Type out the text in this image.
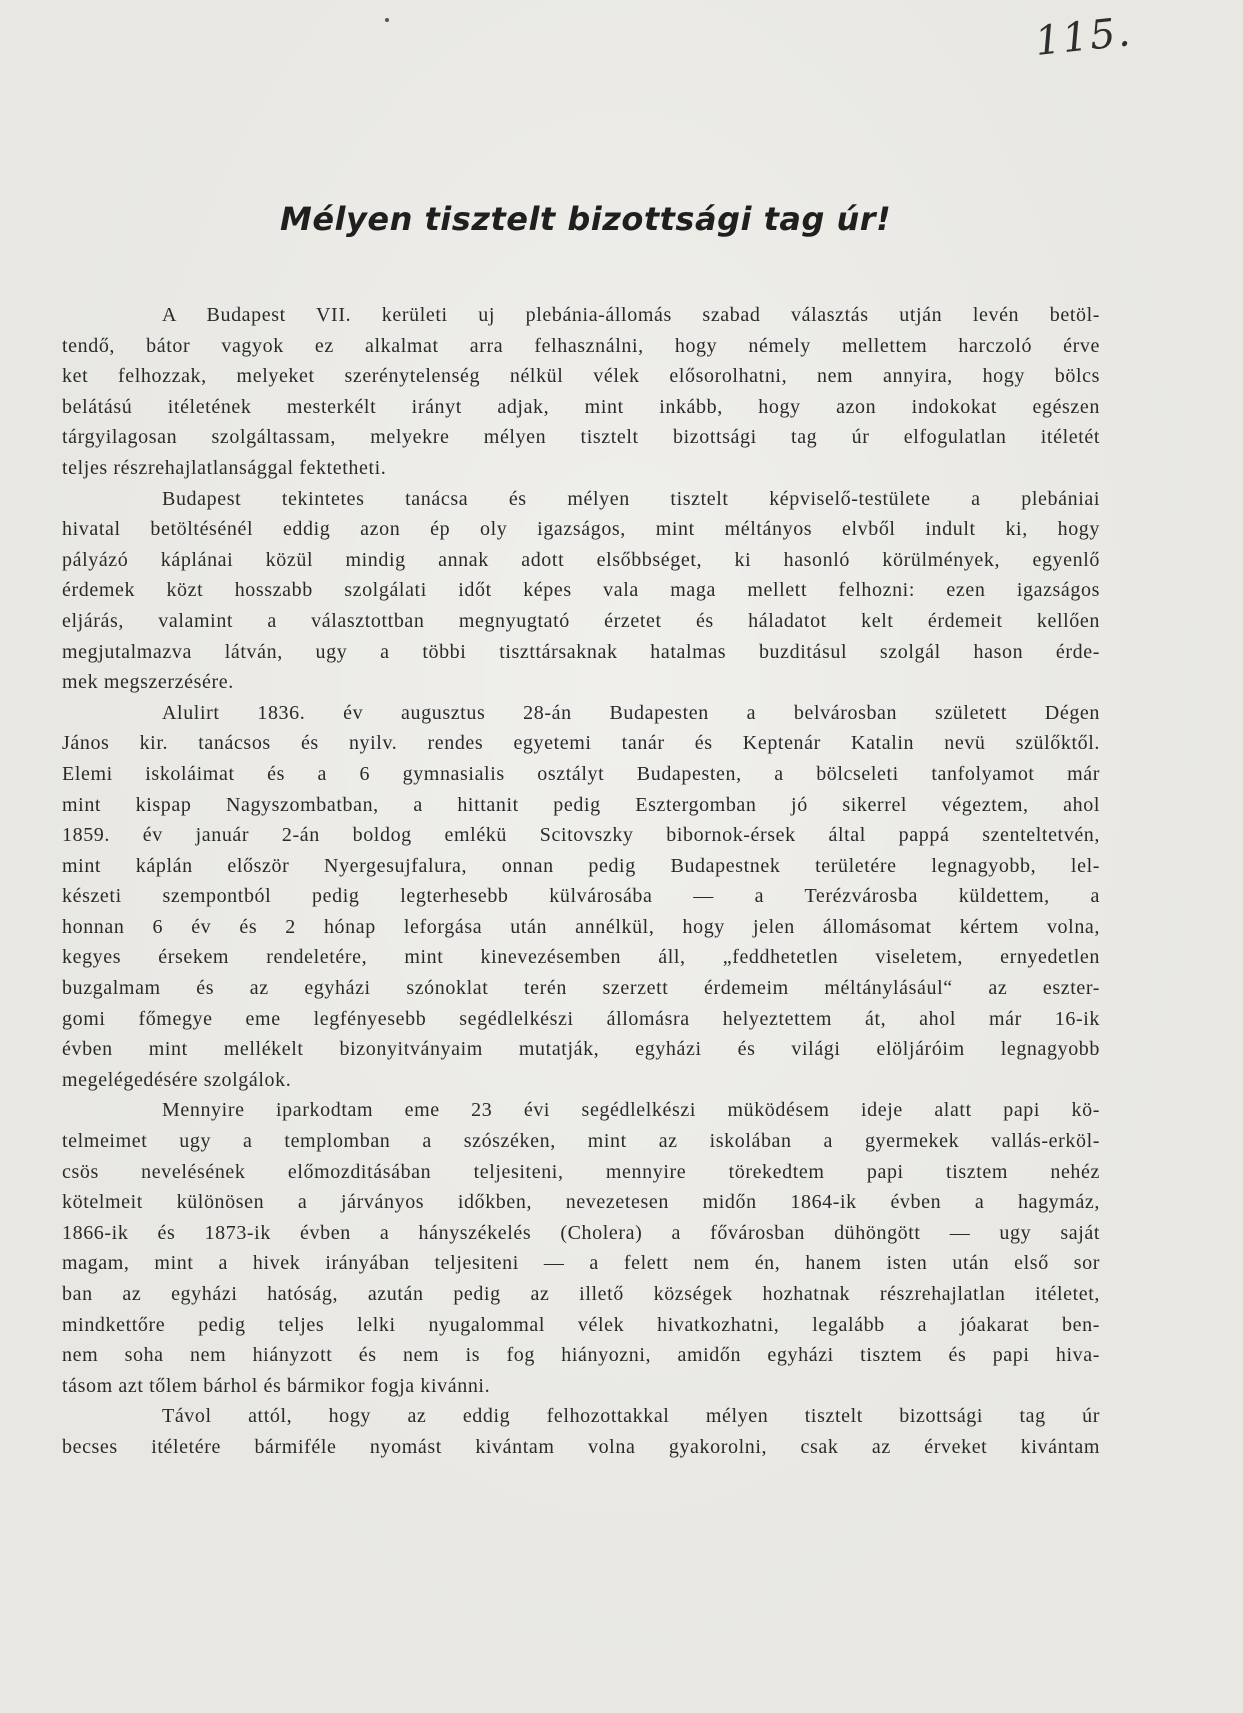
115.
Mélyen tisztelt bizottsági tag úr!
A Budapest VII. kerületi uj plebánia-állomás szabad választás utján levén betöl-
tendő, bátor vagyok ez alkalmat arra felhasználni, hogy némely mellettem harczoló érve
ket felhozzak, melyeket szerénytelenség nélkül vélek elősorolhatni, nem annyira, hogy bölcs
belátású itéletének mesterkélt irányt adjak, mint inkább, hogy azon indokokat egészen
tárgyilagosan szolgáltassam, melyekre mélyen tisztelt bizottsági tag úr elfogulatlan itéletét
teljes részrehajlatlansággal fektetheti.
Budapest tekintetes tanácsa és mélyen tisztelt képviselő-testülete a plebániai
hivatal betöltésénél eddig azon ép oly igazságos, mint méltányos elvből indult ki, hogy
pályázó káplánai közül mindig annak adott elsőbbséget, ki hasonló körülmények, egyenlő
érdemek közt hosszabb szolgálati időt képes vala maga mellett felhozni: ezen igazságos
eljárás, valamint a választottban megnyugtató érzetet és háladatot kelt érdemeit kellően
megjutalmazva látván, ugy a többi tiszttársaknak hatalmas buzditásul szolgál hason érde-
mek megszerzésére.
Alulirt 1836. év augusztus 28-án Budapesten a belvárosban született Dégen
János kir. tanácsos és nyilv. rendes egyetemi tanár és Keptenár Katalin nevü szülőktől.
Elemi iskoláimat és a 6 gymnasialis osztályt Budapesten, a bölcseleti tanfolyamot már
mint kispap Nagyszombatban, a hittanit pedig Esztergomban jó sikerrel végeztem, ahol
1859. év január 2-án boldog emlékü Scitovszky bibornok-érsek által pappá szenteltetvén,
mint káplán először Nyergesujfalura, onnan pedig Budapestnek területére legnagyobb, lel-
készeti szempontból pedig legterhesebb külvárosába — a Terézvárosba küldettem, a
honnan 6 év és 2 hónap leforgása után annélkül, hogy jelen állomásomat kértem volna,
kegyes érsekem rendeletére, mint kinevezésemben áll, „feddhetetlen viseletem, ernyedetlen
buzgalmam és az egyházi szónoklat terén szerzett érdemeim méltánylásául“ az eszter-
gomi főmegye eme legfényesebb segédlelkészi állomásra helyeztettem át, ahol már 16-ik
évben mint mellékelt bizonyitványaim mutatják, egyházi és világi elöljáróim legnagyobb
megelégedésére szolgálok.
Mennyire iparkodtam eme 23 évi segédlelkészi müködésem ideje alatt papi kö-
telmeimet ugy a templomban a szószéken, mint az iskolában a gyermekek vallás-erköl-
csös nevelésének előmozditásában teljesiteni, mennyire törekedtem papi tisztem nehéz
kötelmeit különösen a járványos időkben, nevezetesen midőn 1864-ik évben a hagymáz,
1866-ik és 1873-ik évben a hányszékelés (Cholera) a fővárosban dühöngött — ugy saját
magam, mint a hivek irányában teljesiteni — a felett nem én, hanem isten után első sor
ban az egyházi hatóság, azután pedig az illető községek hozhatnak részrehajlatlan itéletet,
mindkettőre pedig teljes lelki nyugalommal vélek hivatkozhatni, legalább a jóakarat ben-
nem soha nem hiányzott és nem is fog hiányozni, amidőn egyházi tisztem és papi hiva-
tásom azt tőlem bárhol és bármikor fogja kivánni.
Távol attól, hogy az eddig felhozottakkal mélyen tisztelt bizottsági tag úr
becses itéletére bármiféle nyomást kivántam volna gyakorolni, csak az érveket kivántam
